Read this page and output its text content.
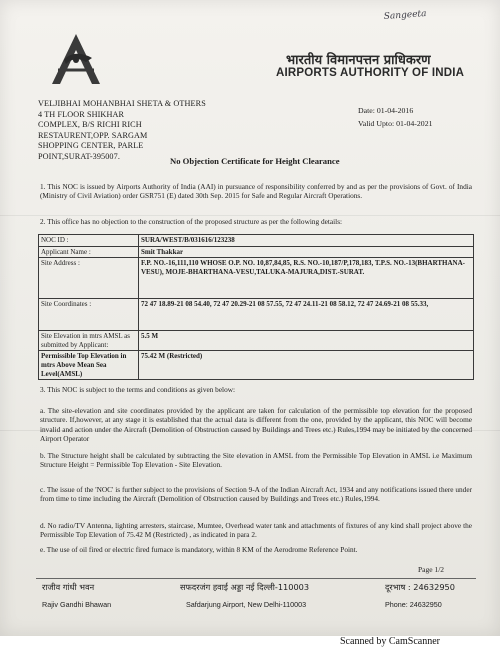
Sangeeta
भारतीय विमानपत्तन प्राधिकरण
AIRPORTS AUTHORITY OF INDIA
VELJIBHAI MOHANBHAI SHETA & OTHERS
4 TH FLOOR SHIKHAR
COMPLEX, B/S RICHI RICH
RESTAURENT,OPP. SARGAM
SHOPPING CENTER, PARLE
POINT,SURAT-395007.
Date: 01-04-2016
Valid Upto: 01-04-2021
No Objection Certificate for Height Clearance
1. This NOC is issued by Airports Authority of India (AAI) in pursuance of responsibility conferred by and as per the provisions of Govt. of India (Ministry of Civil Aviation) order GSR751 (E) dated 30th Sep. 2015 for Safe and Regular Aircraft Operations.
2. This office has no objection to the construction of the proposed structure as per the following details:
NOC ID :	SURA/WEST/B/031616/123238
Applicant Name :	Smit Thakkar
Site Address :	F.P. NO.-16,111,110 WHOSE O.P. NO. 10,87,84,85, R.S. NO.-10,187/P,178,183, T.P.S. NO.-13(BHARTHANA-VESU), MOJE-BHARTHANA-VESU,TALUKA-MAJURA,DIST.-SURAT.
Site Coordinates :	72 47 18.89-21 08 54.40, 72 47 20.29-21 08 57.55, 72 47 24.11-21 08 58.12, 72 47 24.69-21 08 55.33,
Site Elevation in mtrs AMSL as submitted by Applicant:	5.5 M
Permissible Top Elevation in mtrs Above Mean Sea Level(AMSL)	75.42 M (Restricted)
3. This NOC is subject to the terms and conditions as given below:
a. The site-elevation and site coordinates provided by the applicant are taken for calculation of the permissible top elevation for the proposed structure. If,however, at any stage it is established that the actual data is different from the one, provided by the applicant, this NOC will become invalid and action under the Aircraft (Demolition of Obstruction caused by Buildings and Trees etc.) Rules,1994 may be initiated by the concerned Airport Operator
b. The Structure height shall be calculated by subtracting the Site elevation in AMSL from the Permissible Top Elevation in AMSL i.e Maximum Structure Height = Permissible Top Elevation - Site Elevation.
c. The issue of the 'NOC' is further subject to the provisions of Section 9-A of the Indian Aircraft Act, 1934 and any notifications issued there under from time to time including the Aircraft (Demolition of Obstruction caused by Buildings and Trees etc.) Rules,1994.
d. No radio/TV Antenna, lighting arresters, staircase, Mumtee, Overhead water tank and attachments of fixtures of any kind shall project above the Permissible Top Elevation of 75.42 M (Restricted) , as indicated in para 2.
e. The use of oil fired or electric fired furnace is mandatory, within 8 KM of the Aerodrome Reference Point.
Page 1/2
राजीव गांधी भवन
Rajiv Gandhi Bhawan
सफदरजंग हवाई अड्डा नई दिल्ली-110003
Safdarjung Airport, New Delhi-110003
दूरभाष : 24632950
Phone: 24632950
Scanned by CamScanner
